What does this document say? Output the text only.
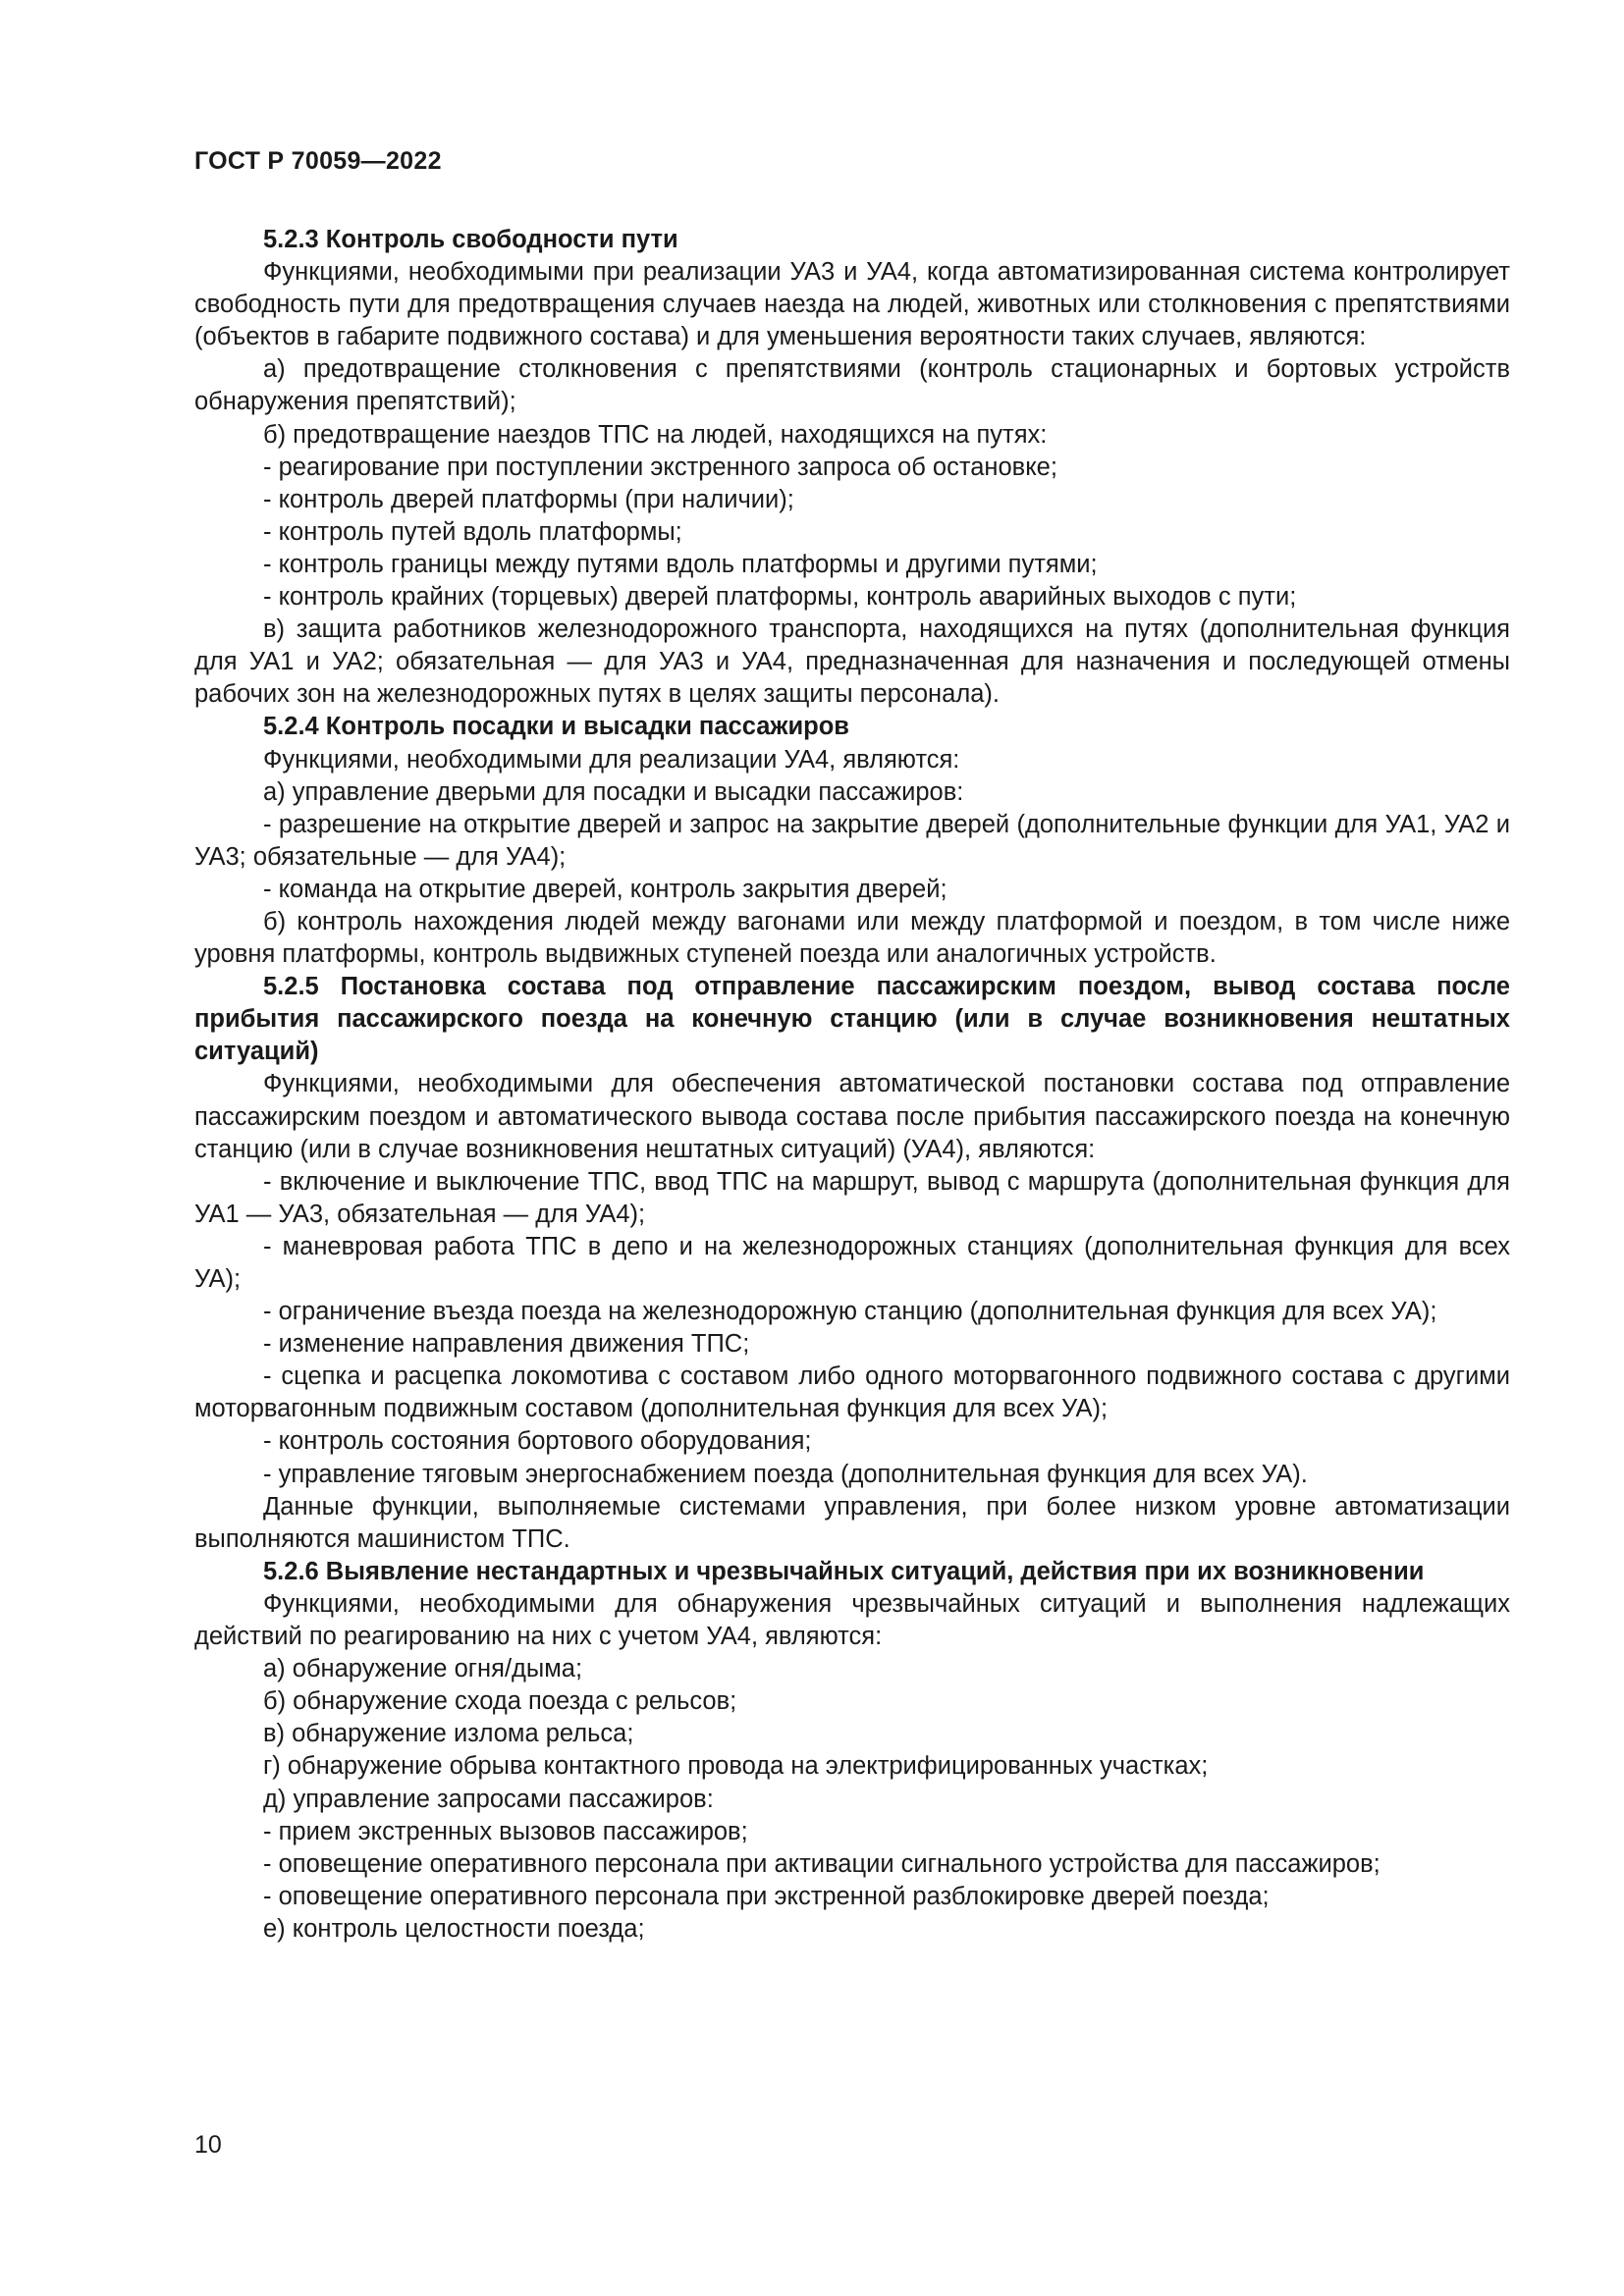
ГОСТ Р 70059—2022

5.2.3 Контроль свободности пути

Функциями, необходимыми при реализации УА3 и УА4, когда автоматизированная система контролирует свободность пути для предотвращения случаев наезда на людей, животных или столкновения с препятствиями (объектов в габарите подвижного состава) и для уменьшения вероятности таких случаев, являются:

а) предотвращение столкновения с препятствиями (контроль стационарных и бортовых устройств обнаружения препятствий);

б) предотвращение наездов ТПС на людей, находящихся на путях:

- реагирование при поступлении экстренного запроса об остановке;

- контроль дверей платформы (при наличии);

- контроль путей вдоль платформы;

- контроль границы между путями вдоль платформы и другими путями;

- контроль крайних (торцевых) дверей платформы, контроль аварийных выходов с пути;

в) защита работников железнодорожного транспорта, находящихся на путях (дополнительная функция для УА1 и УА2; обязательная — для УА3 и УА4, предназначенная для назначения и последующей отмены рабочих зон на железнодорожных путях в целях защиты персонала).

5.2.4 Контроль посадки и высадки пассажиров

Функциями, необходимыми для реализации УА4, являются:

а) управление дверьми для посадки и высадки пассажиров:

- разрешение на открытие дверей и запрос на закрытие дверей (дополнительные функции для УА1, УА2 и УА3; обязательные — для УА4);

- команда на открытие дверей, контроль закрытия дверей;

б) контроль нахождения людей между вагонами или между платформой и поездом, в том числе ниже уровня платформы, контроль выдвижных ступеней поезда или аналогичных устройств.

5.2.5 Постановка состава под отправление пассажирским поездом, вывод состава после прибытия пассажирского поезда на конечную станцию (или в случае возникновения нештатных ситуаций)

Функциями, необходимыми для обеспечения автоматической постановки состава под отправление пассажирским поездом и автоматического вывода состава после прибытия пассажирского поезда на конечную станцию (или в случае возникновения нештатных ситуаций) (УА4), являются:

- включение и выключение ТПС, ввод ТПС на маршрут, вывод с маршрута (дополнительная функция для УА1 — УА3, обязательная — для УА4);

- маневровая работа ТПС в депо и на железнодорожных станциях (дополнительная функция для всех УА);

- ограничение въезда поезда на железнодорожную станцию (дополнительная функция для всех УА);

- изменение направления движения ТПС;

- сцепка и расцепка локомотива с составом либо одного моторвагонного подвижного состава с другими моторвагонным подвижным составом (дополнительная функция для всех УА);

- контроль состояния бортового оборудования;

- управление тяговым энергоснабжением поезда (дополнительная функция для всех УА).

Данные функции, выполняемые системами управления, при более низком уровне автоматизации выполняются машинистом ТПС.

5.2.6 Выявление нестандартных и чрезвычайных ситуаций, действия при их возникновении

Функциями, необходимыми для обнаружения чрезвычайных ситуаций и выполнения надлежащих действий по реагированию на них с учетом УА4, являются:

а) обнаружение огня/дыма;

б) обнаружение схода поезда с рельсов;

в) обнаружение излома рельса;

г) обнаружение обрыва контактного провода на электрифицированных участках;

д) управление запросами пассажиров:

- прием экстренных вызовов пассажиров;

- оповещение оперативного персонала при активации сигнального устройства для пассажиров;

- оповещение оперативного персонала при экстренной разблокировке дверей поезда;

е) контроль целостности поезда;

10
